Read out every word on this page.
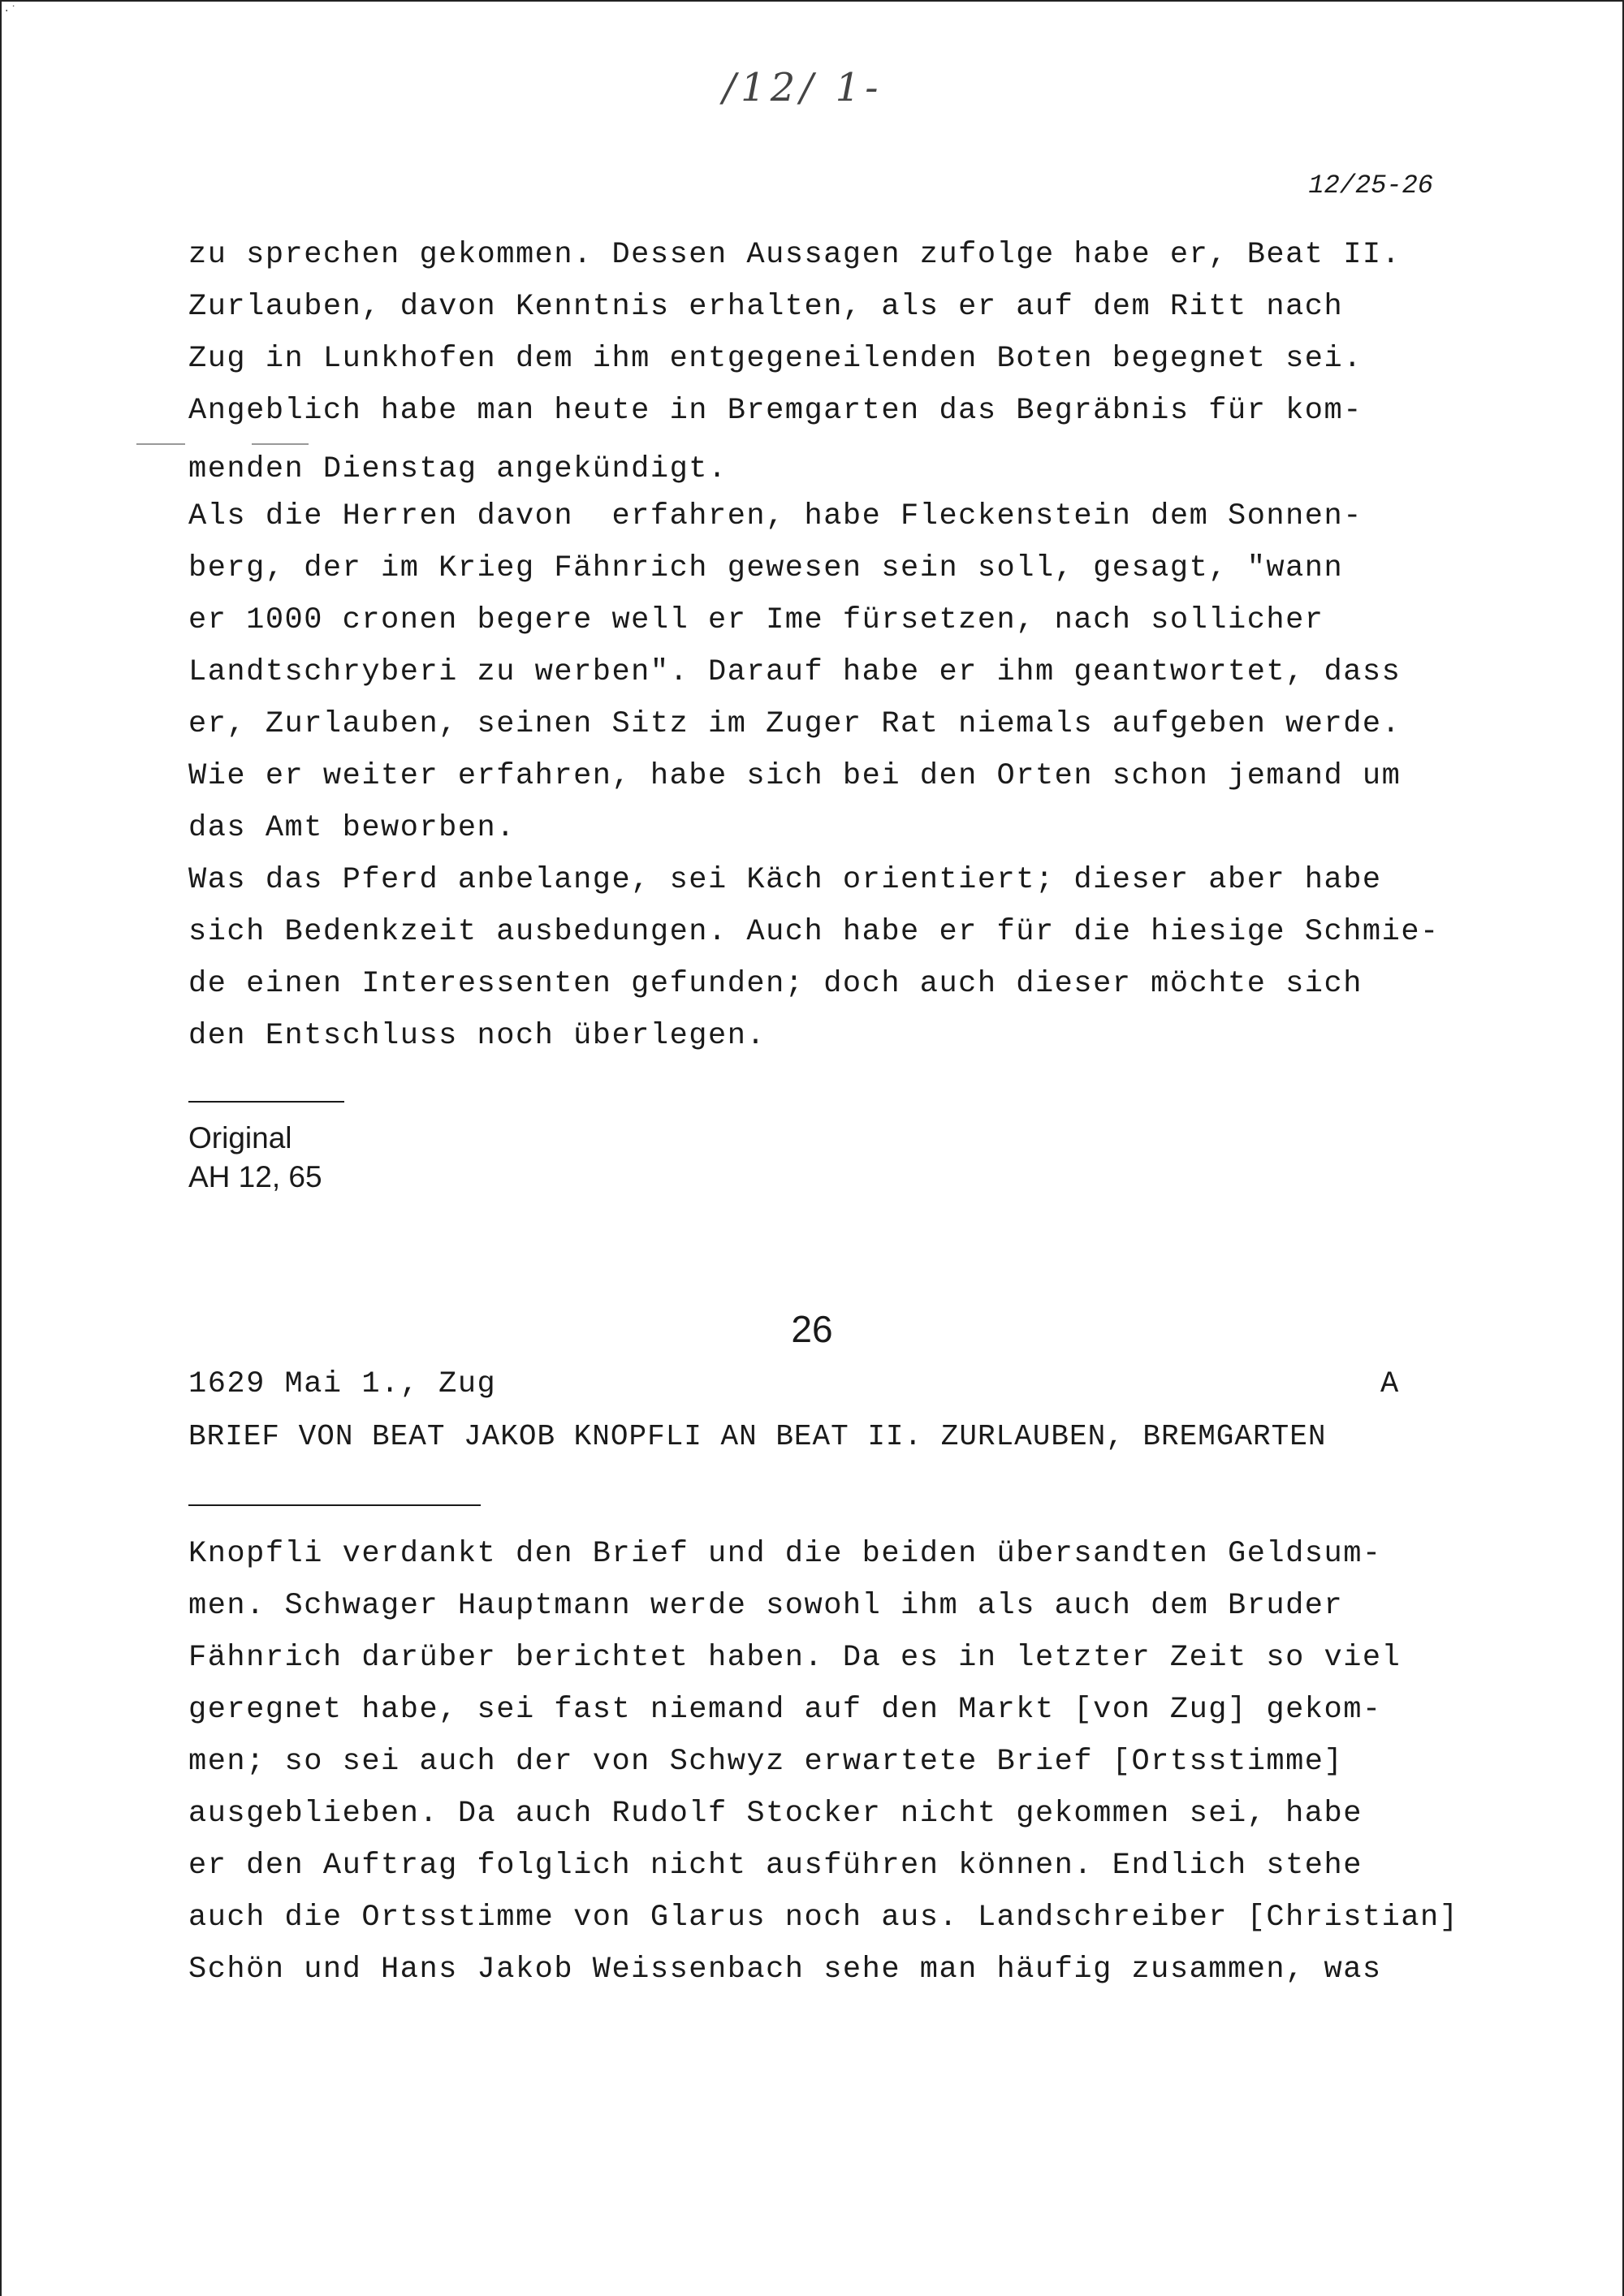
·˙
/12/ 1-
12/25-26

zu sprechen gekommen. Dessen Aussagen zufolge habe er, Beat II.

Zurlauben, davon Kenntnis erhalten, als er auf dem Ritt nach

Zug in Lunkhofen dem ihm entgegeneilenden Boten begegnet sei.

Angeblich habe man heute in Bremgarten das Begräbnis für kom-

menden Dienstag angekündigt.

Als die Herren davon  erfahren, habe Fleckenstein dem Sonnen-

berg, der im Krieg Fähnrich gewesen sein soll, gesagt, "wann

er 1000 cronen begere well er Ime fürsetzen, nach sollicher

Landtschryberi zu werben". Darauf habe er ihm geantwortet, dass

er, Zurlauben, seinen Sitz im Zuger Rat niemals aufgeben werde.

Wie er weiter erfahren, habe sich bei den Orten schon jemand um

das Amt beworben.

Was das Pferd anbelange, sei Käch orientiert; dieser aber habe

sich Bedenkzeit ausbedungen. Auch habe er für die hiesige Schmie-

de einen Interessenten gefunden; doch auch dieser möchte sich

den Entschluss noch überlegen.

Original
AH 12, 65
26
1629 Mai 1., Zug	A
BRIEF VON BEAT JAKOB KNOPFLI AN BEAT II. ZURLAUBEN, BREMGARTEN

Knopfli verdankt den Brief und die beiden übersandten Geldsum-

men. Schwager Hauptmann werde sowohl ihm als auch dem Bruder

Fähnrich darüber berichtet haben. Da es in letzter Zeit so viel

geregnet habe, sei fast niemand auf den Markt [von Zug] gekom-

men; so sei auch der von Schwyz erwartete Brief [Ortsstimme]

ausgeblieben. Da auch Rudolf Stocker nicht gekommen sei, habe

er den Auftrag folglich nicht ausführen können. Endlich stehe

auch die Ortsstimme von Glarus noch aus. Landschreiber [Christian]

Schön und Hans Jakob Weissenbach sehe man häufig zusammen, was
